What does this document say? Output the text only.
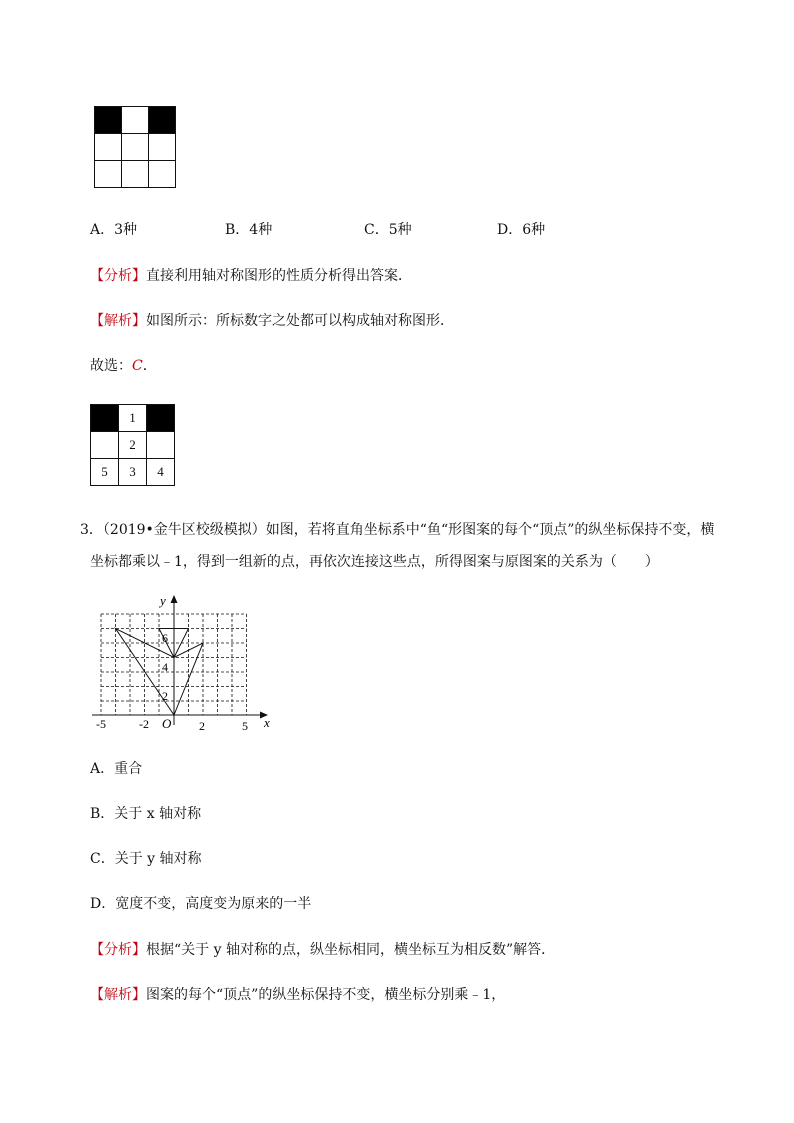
A．3种	B．4种	C．5种	D．6种
【分析】直接利用轴对称图形的性质分析得出答案．
【解析】如图所示：所标数字之处都可以构成轴对称图形．
故选：C．
	1	
	2	
5	3	4
3．（2019•金牛区校级模拟）如图，若将直角坐标系中“鱼“形图案的每个“顶点”的纵坐标保持不变，横
坐标都乘以﹣1，得到一组新的点，再依次连接这些点，所得图案与原图案的关系为（　　）
y
x
O
-5	-2	2	5
2
4
6
A．重合
B．关于 x 轴对称
C．关于 y 轴对称
D．宽度不变，高度变为原来的一半
【分析】根据“关于 y 轴对称的点，纵坐标相同，横坐标互为相反数”解答．
【解析】图案的每个“顶点”的纵坐标保持不变，横坐标分别乘﹣1，
